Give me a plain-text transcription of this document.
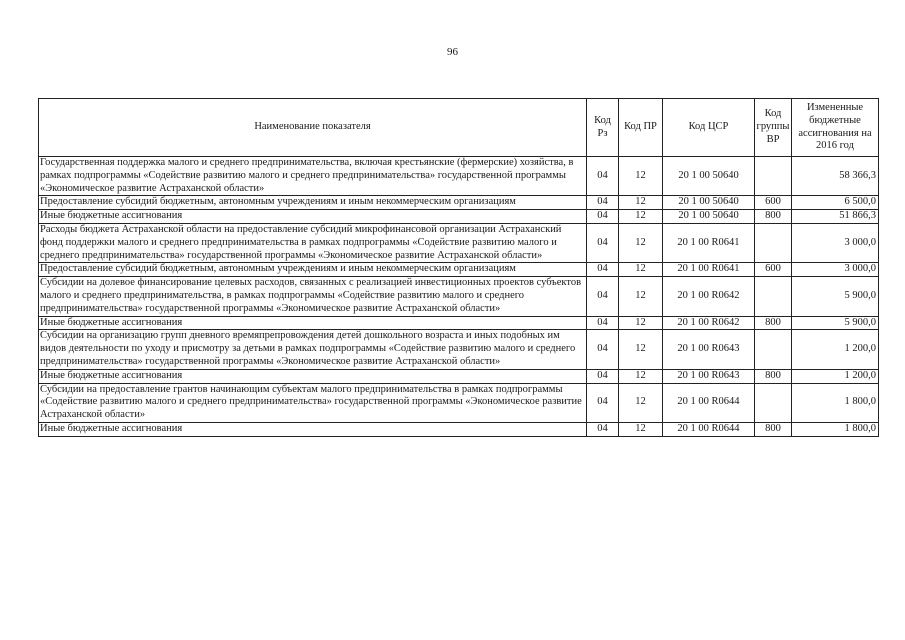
96
Наименование показателя	Код Рз	Код ПР	Код ЦСР	Код группы ВР	Измененные бюджетные ассигнования на 2016 год
Государственная поддержка малого и среднего предпринимательства, включая крестьянские (фермерские) хозяйства, в рамках подпрограммы «Содействие развитию малого и среднего предпринимательства» государственной программы «Экономическое развитие Астраханской области»	04	12	20 1 00 50640		58 366,3
Предоставление субсидий бюджетным, автономным учреждениям и иным некоммерческим организациям	04	12	20 1 00 50640	600	6 500,0
Иные бюджетные ассигнования	04	12	20 1 00 50640	800	51 866,3
Расходы бюджета Астраханской области на предоставление субсидий микрофинансовой организации Астраханский фонд поддержки малого и среднего предпринимательства в рамках подпрограммы «Содействие развитию малого и среднего предпринимательства» государственной программы «Экономическое развитие Астраханской области»	04	12	20 1 00 R0641		3 000,0
Предоставление субсидий бюджетным, автономным учреждениям и иным некоммерческим организациям	04	12	20 1 00 R0641	600	3 000,0
Субсидии на долевое финансирование целевых расходов, связанных с реализацией инвестиционных проектов субъектов малого и среднего предпринимательства, в рамках подпрограммы «Содействие развитию малого и среднего предпринимательства» государственной программы «Экономическое развитие Астраханской области»	04	12	20 1 00 R0642		5 900,0
Иные бюджетные ассигнования	04	12	20 1 00 R0642	800	5 900,0
Субсидии на организацию групп дневного времяпрепровождения детей дошкольного возраста и иных подобных им видов деятельности по уходу и присмотру за детьми в рамках подпрограммы «Содействие развитию малого и среднего предпринимательства» государственной программы «Экономическое развитие Астраханской области»	04	12	20 1 00 R0643		1 200,0
Иные бюджетные ассигнования	04	12	20 1 00 R0643	800	1 200,0
Субсидии на предоставление грантов начинающим субъектам малого предпринимательства в рамках подпрограммы «Содействие развитию малого и среднего предпринимательства» государственной программы «Экономическое развитие Астраханской области»	04	12	20 1 00 R0644		1 800,0
Иные бюджетные ассигнования	04	12	20 1 00 R0644	800	1 800,0
